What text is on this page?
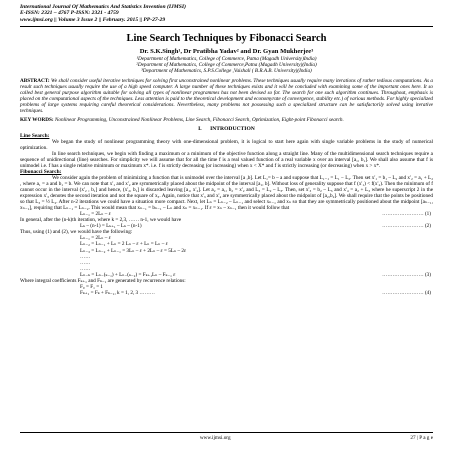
International Journal Of Mathematics And Statistics Invention (IJMSI)
E-ISSN: 2321 – 4767 P-ISSN: 2321 - 4759
www.ijmsi.org || Volume 3 Issue 2 || February. 2015 || PP-27-29
Line Search Techniques by Fibonacci Search
Dr. S.K.Singh¹, Dr Pratibha Yadav² and Dr. Gyan Mukherjee³
¹Department of Mathematics, College of Commerce, Patna (Magadh University)India)
²Department of Mathematics, College of Commerce,Patna (Magadh University)(India)
³Department of Mathematics, S.P.S.College ,Vaishali ( B.R.A.B. University)(India)
ABSTRACT: We shall consider useful iterative techniques for solving first unconstrained nonlinear problems. These techniques usually require many iterations of rather tedious computations. As a result such techniques usually require the use of a high speed computer. A large number of these techniques exists and it will be concluded with examining some of the important ones here. It so called best general purpose algorithm suitable for solving all types of nonlinear programmes has not been devised so far. The search for one such algorithm continues. Throughout, emphasis is placed on the computational aspects of the techniques. Less attention is paid to the theoretical development and economyrate of convergence, stability etc.) of various methods. For highly specialized problems of large systems requiring careful theoretical considerations. Nevertheless, many problems not possessing such a specialized structure can be satisfactorily solved using iterative techniques.
KEY WORDS: Nonlinear Programming, Unconstrained Nonlinear Problems, Line Search, Fibonacci Search, Optimization, Eight-point Fibonacci search.
I. INTRODUCTION
Line Search:
We began the study of nonlinear programming theory with one-dimensional problem, it is logical to start here again with single variable problems in the study of numerical optimization.
In line search techniques, we begin with finding a maximum or a minimum of the objective function along a straight line. Many of the multidimensional search techniques require a sequence of unidirectional (line) searches. For simplicity we will assume that for all the time f is a real valued function of a real variable x over an interval [a₁, b₁]. We shall also assume that f is unimodel i.e. f has a single relative minimum or maximum x*. i.e. f is strictly decreasing (or increasing) when x < X* and f is strictly increasing (or decreasing) when x > x*.
Fibonacci Search:
We consider again the problem of minimizing a function that is unimodel over the interval [a ,b]. Let L₁= b – a and suppose that L₁₋₁ = L₁ − L₂. Then set x'₁ = b₁ – L₂ and x'₂ = a₁ + L₂ , where a₁ = a and b₁ = b. We can note that x'₁ and x'₂ are symmetrically placed about the midpoint of the interval [a₁, b]. Without loss of generality suppose that f (x'₁) < f(x'₂). Then the minimum of f cannot occur in the interval (x'₂ , b₁] and hence, (x'₂, b₁] is discarded leaving [a₁, x'₂]. Let a₂ = a₁, b₂ = x'₂ and L₃ = L₂ – L₃. Then, set x'₃ = b₂ – L₃ and x'₄ = a₂ + L₃ where he superscript 2 in the expression x'₃ denotes the second iteration and not the square of x₃. Again, notice that x'₃ and x'₄ are symmetrically placed about the midpoint of [a₂,b₂]. We shall require that the points be positioned so that L₃ = ½ L₂. After n-2 iterations we could have a situation more compact. Next, let Lₙ = Lₙ₋₂ – Lₙ₋₁ and select xₙ₋₁ and xₙ so that they are symmetrically positioned about the midpoint [aₙ₋₁, xₙ₋₁], requiring that Lₙ₋₁ = Lₙ₋₂. This would mean that xₙ₋₁ = bₙ₋₁ – Lₙ and xₙ = xₙ₋₁. If ε = xₙ – xₙ₋₁ then it would follow that
Lₙ₋₁ = 2Lₙ – ε	…………………… (1)
In general, after the (n-k)th iteration, where k = 2,3, …… n-1, we would have
Lₖ – (n-1) = Lₖ₊₁ – Lₖ – (n-1)	…………………… (2)
Thus, using (1) and (2), we would have the following:
Lₙ₋₁ = 2Lₙ – ε
Lₙ₋₂ = Lₙ₋₁ + Lₙ = 2 Lₙ – ε + Lₙ = Lₙ – ε
Lₙ₋₃ = Lₙ₋₂ + Lₙ₋₁ = 3Lₙ – ε + 2Lₙ – ε = 5Lₙ – 2ε
……
……
……
Lₙ₋ₖ = Lₙ₋(ₖ₋₁) + Lₙ₋(ₖ₋₂) = Fₖ₊₁Lₙ – Fₖ₋₁ ε	…………………… (3)
Where integral coefficients Fₖ₊₁ and Fₖ₋₁ are generated by recurrence relations:
F₀ = F₁ = 1
Fₖ₊₁ = Fₖ + Fₖ₋₁, k = 1, 2, 3 ………	…………………… (4)
www.ijmsi.org	27 | P a g e
